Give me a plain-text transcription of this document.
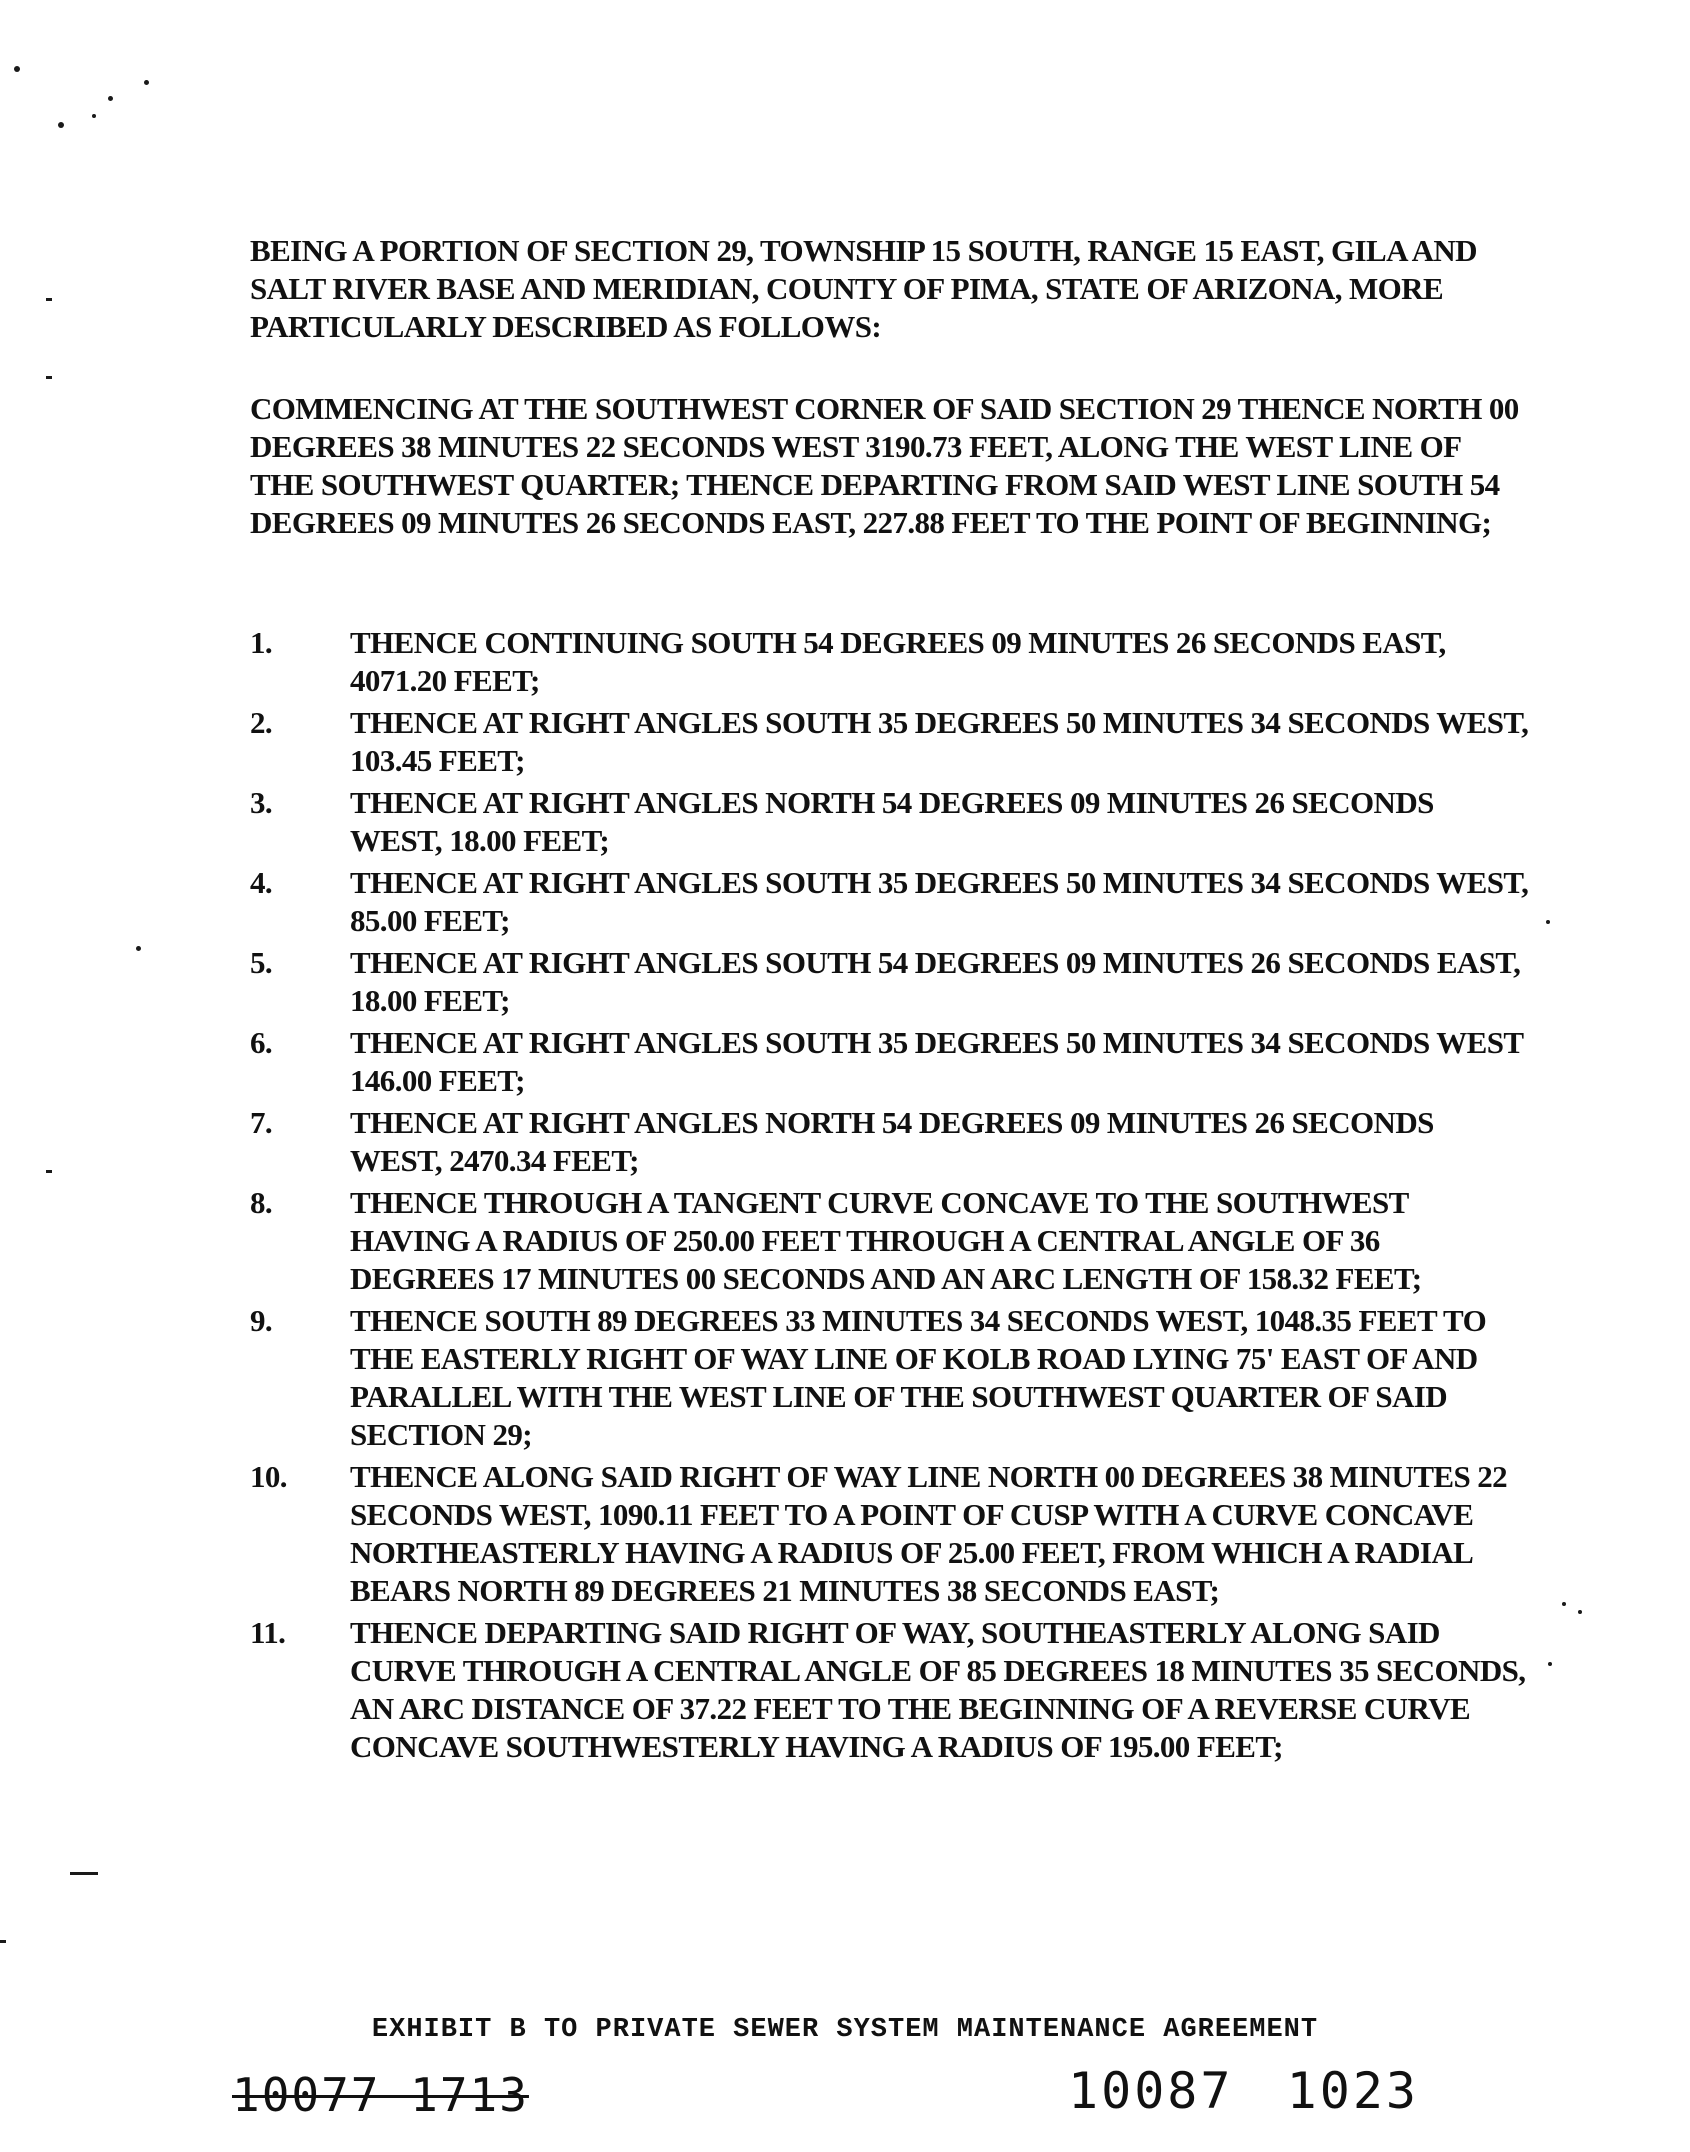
BEING A PORTION OF SECTION 29, TOWNSHIP 15 SOUTH, RANGE 15 EAST, GILA AND SALT RIVER BASE AND MERIDIAN, COUNTY OF PIMA, STATE OF ARIZONA, MORE PARTICULARLY DESCRIBED AS FOLLOWS:
COMMENCING AT THE SOUTHWEST CORNER OF SAID SECTION 29 THENCE NORTH 00 DEGREES 38 MINUTES 22 SECONDS WEST 3190.73 FEET, ALONG THE WEST LINE OF THE SOUTHWEST QUARTER; THENCE DEPARTING FROM SAID WEST LINE SOUTH 54 DEGREES 09 MINUTES 26 SECONDS EAST, 227.88 FEET TO THE POINT OF BEGINNING;
1.	THENCE CONTINUING SOUTH 54 DEGREES 09 MINUTES 26 SECONDS EAST, 4071.20 FEET;
2.	THENCE AT RIGHT ANGLES SOUTH 35 DEGREES 50 MINUTES 34 SECONDS WEST, 103.45 FEET;
3.	THENCE AT RIGHT ANGLES NORTH 54 DEGREES 09 MINUTES 26 SECONDS WEST, 18.00 FEET;
4.	THENCE AT RIGHT ANGLES SOUTH 35 DEGREES 50 MINUTES 34 SECONDS WEST, 85.00 FEET;
5.	THENCE AT RIGHT ANGLES SOUTH 54 DEGREES 09 MINUTES 26 SECONDS EAST, 18.00 FEET;
6.	THENCE AT RIGHT ANGLES SOUTH 35 DEGREES 50 MINUTES 34 SECONDS WEST 146.00 FEET;
7.	THENCE AT RIGHT ANGLES NORTH 54 DEGREES 09 MINUTES 26 SECONDS WEST, 2470.34 FEET;
8.	THENCE THROUGH A TANGENT CURVE CONCAVE TO THE SOUTHWEST HAVING A RADIUS OF 250.00 FEET THROUGH A CENTRAL ANGLE OF 36 DEGREES 17 MINUTES 00 SECONDS AND AN ARC LENGTH OF 158.32 FEET;
9.	THENCE SOUTH 89 DEGREES 33 MINUTES 34 SECONDS WEST, 1048.35 FEET TO THE EASTERLY RIGHT OF WAY LINE OF KOLB ROAD LYING 75' EAST OF AND PARALLEL WITH THE WEST LINE OF THE SOUTHWEST QUARTER OF SAID SECTION 29;
10.	THENCE ALONG SAID RIGHT OF WAY LINE NORTH 00 DEGREES 38 MINUTES 22 SECONDS WEST, 1090.11 FEET TO A POINT OF CUSP WITH A CURVE CONCAVE NORTHEASTERLY HAVING A RADIUS OF 25.00 FEET, FROM WHICH A RADIAL BEARS NORTH 89 DEGREES 21 MINUTES 38 SECONDS EAST;
11.	THENCE DEPARTING SAID RIGHT OF WAY, SOUTHEASTERLY ALONG SAID CURVE THROUGH A CENTRAL ANGLE OF 85 DEGREES 18 MINUTES 35 SECONDS, AN ARC DISTANCE OF 37.22 FEET TO THE BEGINNING OF A REVERSE CURVE CONCAVE SOUTHWESTERLY HAVING A RADIUS OF 195.00 FEET;
EXHIBIT B TO PRIVATE SEWER SYSTEM MAINTENANCE AGREEMENT
10077 1713	10087 1023
